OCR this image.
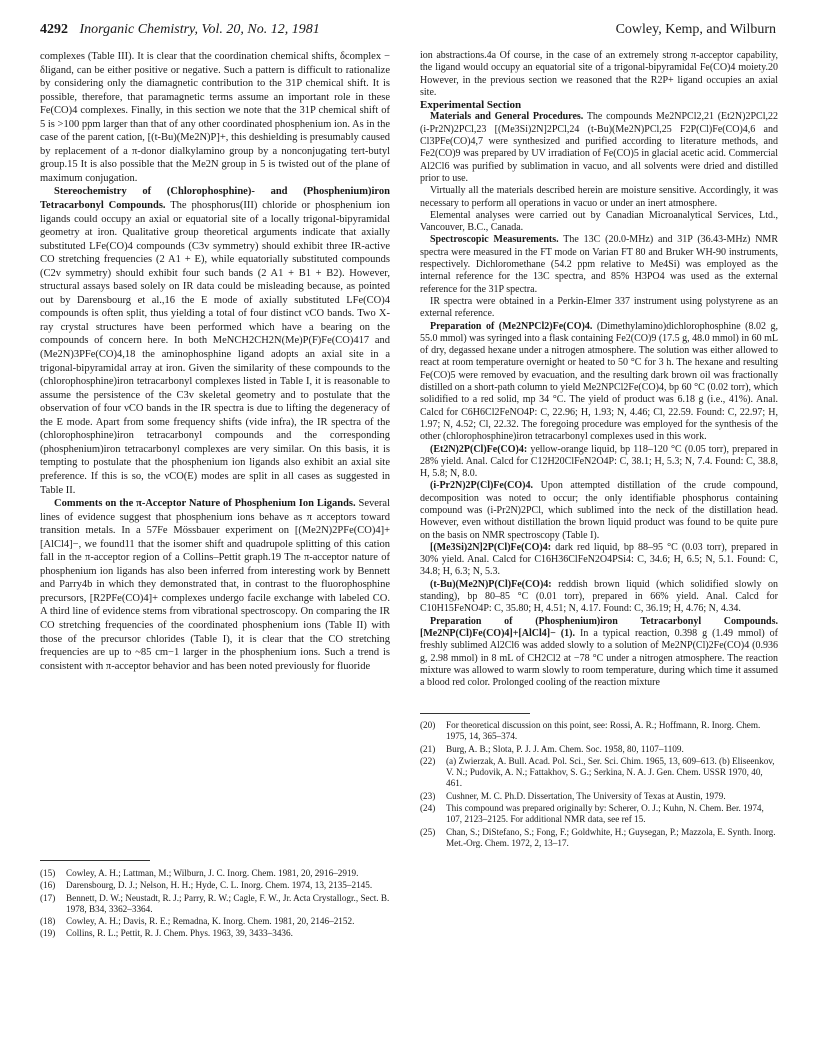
4292 Inorganic Chemistry, Vol. 20, No. 12, 1981	Cowley, Kemp, and Wilburn

complexes (Table III). It is clear that the coordination chemical shifts, δcomplex − δligand, can be either positive or negative. Such a pattern is difficult to rationalize by considering only the diamagnetic contribution to the 31P chemical shift. It is possible, therefore, that paramagnetic terms assume an important role in these Fe(CO)4 complexes. Finally, in this section we note that the 31P chemical shift of 5 is >100 ppm larger than that of any other coordinated phosphenium ion. As in the case of the parent cation, [(t-Bu)(Me2N)P]+, this deshielding is presumably caused by replacement of a π-donor dialkylamino group by a nonconjugating tert-butyl group.15 It is also possible that the Me2N group in 5 is twisted out of the plane of maximum conjugation.

Stereochemistry of (Chlorophosphine)- and (Phosphenium)iron Tetracarbonyl Compounds. The phosphorus(III) chloride or phosphenium ion ligands could occupy an axial or equatorial site of a locally trigonal-bipyramidal geometry at iron. Qualitative group theoretical arguments indicate that axially substituted LFe(CO)4 compounds (C3v symmetry) should exhibit three IR-active CO stretching frequencies (2 A1 + E), while equatorially substituted compounds (C2v symmetry) should exhibit four such bands (2 A1 + B1 + B2). However, structural assays based solely on IR data could be misleading because, as pointed out by Darensbourg et al.,16 the E mode of axially substituted LFe(CO)4 compounds is often split, thus yielding a total of four distinct νCO bands. Two X-ray crystal structures have been performed which have a bearing on the compounds of concern here. In both MeNCH2CH2N(Me)P(F)Fe(CO)417 and (Me2N)3PFe(CO)4,18 the aminophosphine ligand adopts an axial site in a trigonal-bipyramidal array at iron. Given the similarity of these compounds to the (chlorophosphine)iron tetracarbonyl complexes listed in Table I, it is reasonable to assume the persistence of the C3v skeletal geometry and to postulate that the observation of four νCO bands in the IR spectra is due to lifting the degeneracy of the E mode. Apart from some frequency shifts (vide infra), the IR spectra of the (chlorophosphine)iron tetracarbonyl compounds and the corresponding (phosphenium)iron tetracarbonyl complexes are very similar. On this basis, it is tempting to postulate that the phosphenium ion ligands also exhibit an axial site preference. If this is so, the νCO(E) modes are split in all cases as suggested in Table II.

Comments on the π-Acceptor Nature of Phosphenium Ion Ligands. Several lines of evidence suggest that phosphenium ions behave as π acceptors toward transition metals. In a 57Fe Mössbauer experiment on [(Me2N)2PFe(CO)4]+[AlCl4]−, we found11 that the isomer shift and quadrupole splitting of this cation fall in the π-acceptor region of a Collins–Pettit graph.19 The π-acceptor nature of phosphenium ion ligands has also been inferred from interesting work by Bennett and Parry4b in which they demonstrated that, in contrast to the fluorophosphine precursors, [R2PFe(CO)4]+ complexes undergo facile exchange with labeled CO. A third line of evidence stems from vibrational spectroscopy. On comparing the IR CO stretching frequencies of the coordinated phosphenium ions (Table II) with those of the precursor chlorides (Table I), it is clear that the CO stretching frequencies are up to ~85 cm−1 larger in the phosphenium ions. Such a trend is consistent with π-acceptor behavior and has been noted previously for fluoride

ion abstractions.4a Of course, in the case of an extremely strong π-acceptor capability, the ligand would occupy an equatorial site of a trigonal-bipyramidal Fe(CO)4 moiety.20 However, in the previous section we reasoned that the R2P+ ligand occupies an axial site.

Experimental Section

Materials and General Procedures. The compounds Me2NPCl2,21 (Et2N)2PCl,22 (i-Pr2N)2PCl,23 [(Me3Si)2N]2PCl,24 (t-Bu)(Me2N)PCl,25 F2P(Cl)Fe(CO)4,6 and Cl3PFe(CO)4,7 were synthesized and purified according to literature methods, and Fe2(CO)9 was prepared by UV irradiation of Fe(CO)5 in glacial acetic acid. Commercial Al2Cl6 was purified by sublimation in vacuo, and all solvents were dried and distilled prior to use.

Virtually all the materials described herein are moisture sensitive. Accordingly, it was necessary to perform all operations in vacuo or under an inert atmosphere.

Elemental analyses were carried out by Canadian Microanalytical Services, Ltd., Vancouver, B.C., Canada.

Spectroscopic Measurements. The 13C (20.0-MHz) and 31P (36.43-MHz) NMR spectra were measured in the FT mode on Varian FT 80 and Bruker WH-90 instruments, respectively. Dichloromethane (54.2 ppm relative to Me4Si) was employed as the internal reference for the 13C spectra, and 85% H3PO4 was used as the external reference for the 31P spectra.

IR spectra were obtained in a Perkin-Elmer 337 instrument using polystyrene as an external reference.

Preparation of (Me2NPCl2)Fe(CO)4. (Dimethylamino)dichlorophosphine (8.02 g, 55.0 mmol) was syringed into a flask containing Fe2(CO)9 (17.5 g, 48.0 mmol) in 60 mL of dry, degassed hexane under a nitrogen atmosphere. The solution was either allowed to react at room temperature overnight or heated to 50 °C for 3 h. The hexane and resulting Fe(CO)5 were removed by evacuation, and the resulting dark brown oil was fractionally distilled on a short-path column to yield Me2NPCl2Fe(CO)4, bp 60 °C (0.02 torr), which solidified to a red solid, mp 34 °C. The yield of product was 6.18 g (i.e., 41%). Anal. Calcd for C6H6Cl2FeNO4P: C, 22.96; H, 1.93; N, 4.46; Cl, 22.59. Found: C, 22.97; H, 1.97; N, 4.52; Cl, 22.32. The foregoing procedure was employed for the synthesis of the other (chlorophosphine)iron tetracarbonyl complexes used in this work.

(Et2N)2P(Cl)Fe(CO)4: yellow-orange liquid, bp 118–120 °C (0.05 torr), prepared in 28% yield. Anal. Calcd for C12H20ClFeN2O4P: C, 38.1; H, 5.3; N, 7.4. Found: C, 38.8, H, 5.8; N, 8.0.

(i-Pr2N)2P(Cl)Fe(CO)4. Upon attempted distillation of the crude compound, decomposition was noted to occur; the only identifiable phosphorus containing compound was (i-Pr2N)2PCl, which sublimed into the neck of the distillation head. However, even without distillation the brown liquid product was found to be quite pure on the basis on NMR spectroscopy (Table I).

[(Me3Si)2N]2P(Cl)Fe(CO)4: dark red liquid, bp 88–95 °C (0.03 torr), prepared in 30% yield. Anal. Calcd for C16H36ClFeN2O4PSi4: C, 34.6; H, 6.5; N, 5.1. Found: C, 34.8; H, 6.3; N, 5.3.

(t-Bu)(Me2N)P(Cl)Fe(CO)4: reddish brown liquid (which solidified slowly on standing), bp 80–85 °C (0.01 torr), prepared in 66% yield. Anal. Calcd for C10H15FeNO4P: C, 35.80; H, 4.51; N, 4.17. Found: C, 36.19; H, 4.76; N, 4.34.

Preparation of (Phosphenium)iron Tetracarbonyl Compounds. [Me2NP(Cl)Fe(CO)4]+[AlCl4]− (1). In a typical reaction, 0.398 g (1.49 mmol) of freshly sublimed Al2Cl6 was added slowly to a solution of Me2NP(Cl)2Fe(CO)4 (0.936 g, 2.98 mmol) in 8 mL of CH2Cl2 at −78 °C under a nitrogen atmosphere. The reaction mixture was allowed to warm slowly to room temperature, during which time it assumed a blood red color. Prolonged cooling of the reaction mixture

(15)	Cowley, A. H.; Lattman, M.; Wilburn, J. C. Inorg. Chem. 1981, 20, 2916–2919.
(16)	Darensbourg, D. J.; Nelson, H. H.; Hyde, C. L. Inorg. Chem. 1974, 13, 2135–2145.
(17)	Bennett, D. W.; Neustadt, R. J.; Parry, R. W.; Cagle, F. W., Jr. Acta Crystallogr., Sect. B. 1978, B34, 3362–3364.
(18)	Cowley, A. H.; Davis, R. E.; Remadna, K. Inorg. Chem. 1981, 20, 2146–2152.
(19)	Collins, R. L.; Pettit, R. J. Chem. Phys. 1963, 39, 3433–3436.
(20)	For theoretical discussion on this point, see: Rossi, A. R.; Hoffmann, R. Inorg. Chem. 1975, 14, 365–374.
(21)	Burg, A. B.; Slota, P. J. J. Am. Chem. Soc. 1958, 80, 1107–1109.
(22)	(a) Zwierzak, A. Bull. Acad. Pol. Sci., Ser. Sci. Chim. 1965, 13, 609–613. (b) Eliseenkov, V. N.; Pudovik, A. N.; Fattakhov, S. G.; Serkina, N. A. J. Gen. Chem. USSR 1970, 40, 461.
(23)	Cushner, M. C. Ph.D. Dissertation, The University of Texas at Austin, 1979.
(24)	This compound was prepared originally by: Scherer, O. J.; Kuhn, N. Chem. Ber. 1974, 107, 2123–2125. For additional NMR data, see ref 15.
(25)	Chan, S.; DiStefano, S.; Fong, F.; Goldwhite, H.; Guysegan, P.; Mazzola, E. Synth. Inorg. Met.-Org. Chem. 1972, 2, 13–17.
